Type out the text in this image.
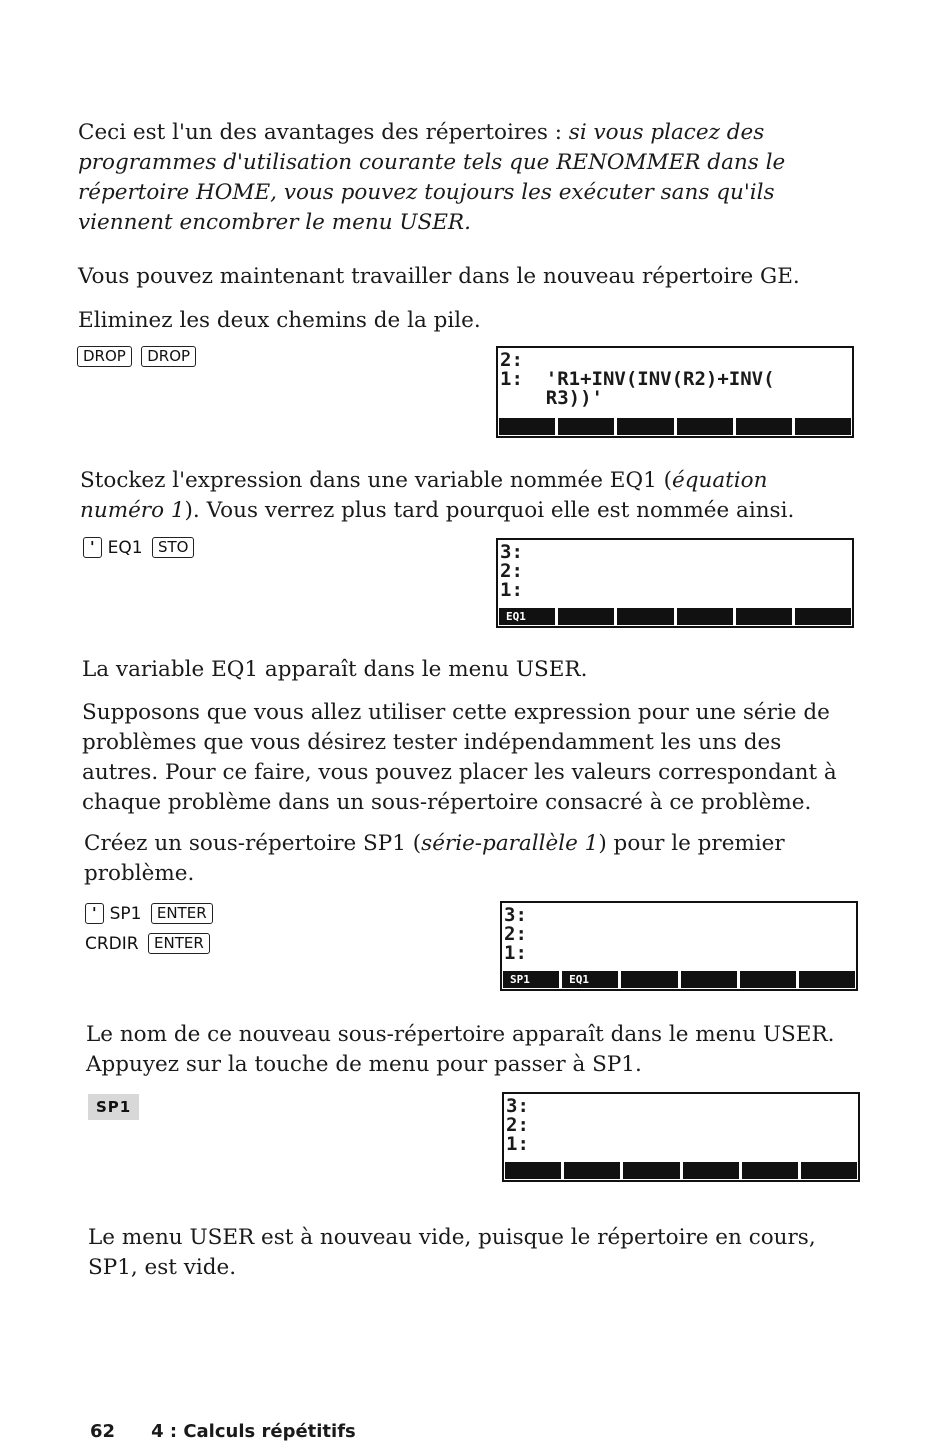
Ceci est l'un des avantages des répertoires : si vous placez des programmes d'utilisation courante tels que RENOMMER dans le répertoire HOME, vous pouvez toujours les exécuter sans qu'ils viennent encombrer le menu USER.

Vous pouvez maintenant travailler dans le nouveau répertoire GE.

Eliminez les deux chemins de la pile.

DROP DROP	2:
1:  'R1+INV(INV(R2)+INV(
R3))'

Stockez l'expression dans une variable nommée EQ1 (équation numéro 1). Vous verrez plus tard pourquoi elle est nommée ainsi.

' EQ1 STO	3:
2:
1:
EQ1

La variable EQ1 apparaît dans le menu USER.

Supposons que vous allez utiliser cette expression pour une série de problèmes que vous désirez tester indépendamment les uns des autres. Pour ce faire, vous pouvez placer les valeurs correspondant à chaque problème dans un sous-répertoire consacré à ce problème.

Créez un sous-répertoire SP1 (série-parallèle 1) pour le premier problème.

' SP1 ENTER
CRDIR ENTER
3:
2:
1:
SP1	EQ1

Le nom de ce nouveau sous-répertoire apparaît dans le menu USER. Appuyez sur la touche de menu pour passer à SP1.

SP1	3:
2:
1:

Le menu USER est à nouveau vide, puisque le répertoire en cours, SP1, est vide.

62 4 : Calculs répétitifs
